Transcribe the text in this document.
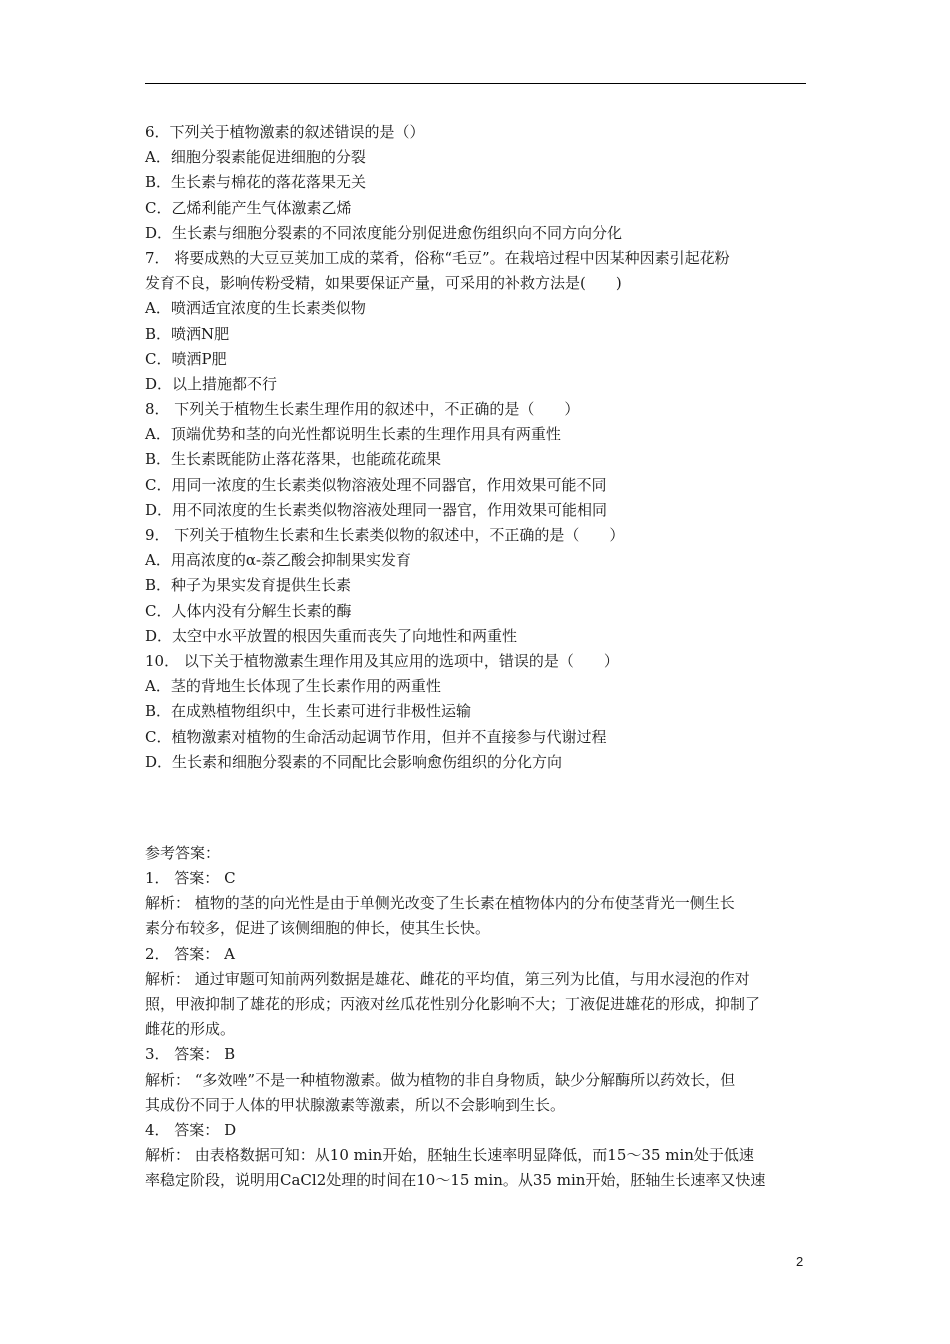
6．下列关于植物激素的叙述错误的是（）
A．细胞分裂素能促进细胞的分裂
B．生长素与棉花的落花落果无关
C．乙烯利能产生气体激素乙烯
D．生长素与细胞分裂素的不同浓度能分别促进愈伤组织向不同方向分化
7． 将要成熟的大豆豆荚加工成的菜肴，俗称“毛豆”。在栽培过程中因某种因素引起花粉
发育不良，影响传粉受精，如果要保证产量，可采用的补救方法是(　　)
A．喷洒适宜浓度的生长素类似物
B．喷洒N肥
C．喷洒P肥
D．以上措施都不行
8． 下列关于植物生长素生理作用的叙述中，不正确的是（　　）
A．顶端优势和茎的向光性都说明生长素的生理作用具有两重性
B．生长素既能防止落花落果，也能疏花疏果
C．用同一浓度的生长素类似物溶液处理不同器官，作用效果可能不同
D．用不同浓度的生长素类似物溶液处理同一器官，作用效果可能相同
9． 下列关于植物生长素和生长素类似物的叙述中，不正确的是（　　）
A．用高浓度的α-萘乙酸会抑制果实发育
B．种子为果实发育提供生长素
C．人体内没有分解生长素的酶
D．太空中水平放置的根因失重而丧失了向地性和两重性
10． 以下关于植物激素生理作用及其应用的选项中，错误的是（　　）
A．茎的背地生长体现了生长素作用的两重性
B．在成熟植物组织中，生长素可进行非极性运输
C．植物激素对植物的生命活动起调节作用，但并不直接参与代谢过程
D．生长素和细胞分裂素的不同配比会影响愈伤组织的分化方向
参考答案：
1． 答案： C
解析： 植物的茎的向光性是由于单侧光改变了生长素在植物体内的分布使茎背光一侧生长
素分布较多，促进了该侧细胞的伸长，使其生长快。
2． 答案： A
解析： 通过审题可知前两列数据是雄花、雌花的平均值，第三列为比值，与用水浸泡的作对
照，甲液抑制了雄花的形成；丙液对丝瓜花性别分化影响不大；丁液促进雄花的形成，抑制了
雌花的形成。
3． 答案： B
解析： “多效唑”不是一种植物激素。做为植物的非自身物质，缺少分解酶所以药效长，但
其成份不同于人体的甲状腺激素等激素，所以不会影响到生长。
4． 答案： D
解析： 由表格数据可知：从10 min开始，胚轴生长速率明显降低，而15～35 min处于低速
率稳定阶段，说明用CaCl2处理的时间在10～15 min。从35 min开始，胚轴生长速率又快速
2
